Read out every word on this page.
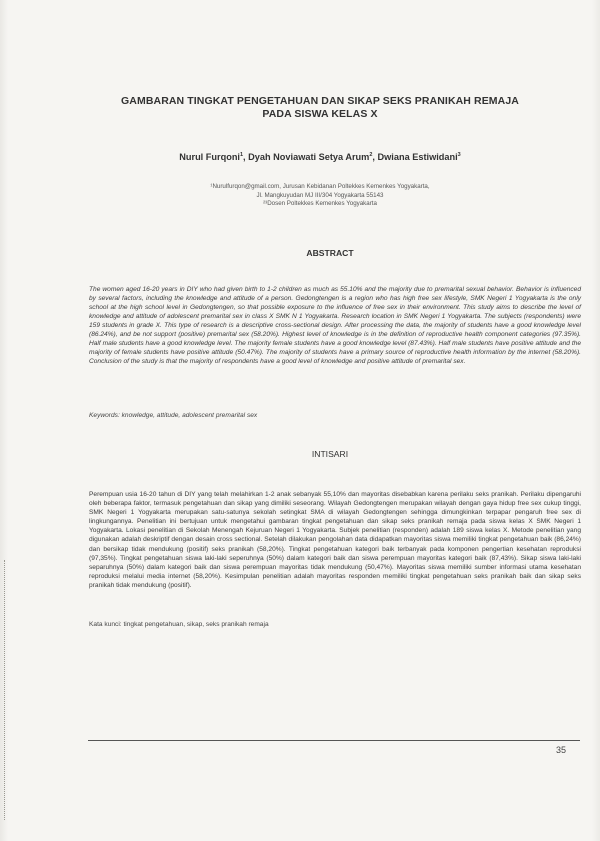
GAMBARAN TINGKAT PENGETAHUAN DAN SIKAP SEKS PRANIKAH REMAJA
PADA SISWA KELAS X
Nurul Furqoni$^1$, Dyah Noviawati Setya Arum$^2$, Dwiana Estiwidani$^3$
¹Nurulfurqon@gmail.com, Jurusan Kebidanan Poltekkes Kemenkes Yogyakarta,
Jl. Mangkuyudan MJ III/304 Yogyakarta 55143
²³Dosen Poltekkes Kemenkes Yogyakarta
ABSTRACT
The women aged 16-20 years in DIY who had given birth to 1-2 children as much as 55.10% and the majority due to premarital sexual behavior. Behavior is influenced by several factors, including the knowledge and attitude of a person. Gedongtengen is a region who has high free sex lifestyle, SMK Negeri 1 Yogyakarta is the only school at the high school level in Gedongtengen, so that possible exposure to the influence of free sex in their environment. This study aims to describe the level of knowledge and attitude of adolescent premarital sex in class X SMK N 1 Yogyakarta. Research location in SMK Negeri 1 Yogyakarta. The subjects (respondents) were 159 students in grade X. This type of research is a descriptive cross-sectional design. After processing the data, the majority of students have a good knowledge level (86.24%), and be not support (positive) premarital sex (58.20%). Highest level of knowledge is in the definition of reproductive health component categories (97.35%). Half male students have a good knowledge level. The majority female students have a good knowledge level (87.43%). Half male students have positive attitude and the majority of female students have positive attitude (50.47%). The majority of students have a primary source of reproductive health information by the internet (58.20%). Conclusion of the study is that the majority of respondents have a good level of knowledge and positive attitude of premarital sex.
Keywords: knowledge, attitude, adolescent premarital sex
INTISARI
Perempuan usia 16-20 tahun di DIY yang telah melahirkan 1-2 anak sebanyak 55,10% dan mayoritas disebabkan karena perilaku seks pranikah. Perilaku dipengaruhi oleh beberapa faktor, termasuk pengetahuan dan sikap yang dimiliki seseorang. Wilayah Gedongtengen merupakan wilayah dengan gaya hidup free sex cukup tinggi, SMK Negeri 1 Yogyakarta merupakan satu-satunya sekolah setingkat SMA di wilayah Gedongtengen sehingga dimungkinkan terpapar pengaruh free sex di lingkungannya. Penelitian ini bertujuan untuk mengetahui gambaran tingkat pengetahuan dan sikap seks pranikah remaja pada siswa kelas X SMK Negeri 1 Yogyakarta. Lokasi penelitian di Sekolah Menengah Kejuruan Negeri 1 Yogyakarta. Subjek penelitian (responden) adalah 189 siswa kelas X. Metode penelitian yang digunakan adalah deskriptif dengan desain cross sectional. Setelah dilakukan pengolahan data didapatkan mayoritas siswa memiliki tingkat pengetahuan baik (86,24%) dan bersikap tidak mendukung (positif) seks pranikah (58,20%). Tingkat pengetahuan kategori baik terbanyak pada komponen pengertian kesehatan reproduksi (97,35%). Tingkat pengetahuan siswa laki-laki seperuhnya (50%) dalam kategori baik dan siswa perempuan mayoritas kategori baik (87,43%). Sikap siswa laki-laki separuhnya (50%) dalam kategori baik dan siswa perempuan mayoritas tidak mendukung (50,47%). Mayoritas siswa memiliki sumber informasi utama kesehatan reproduksi melalui media internet (58,20%). Kesimpulan penelitian adalah mayoritas responden memiliki tingkat pengetahuan seks pranikah baik dan sikap seks pranikah tidak mendukung (positif).
Kata kunci: tingkat pengetahuan, sikap, seks pranikah remaja
35
